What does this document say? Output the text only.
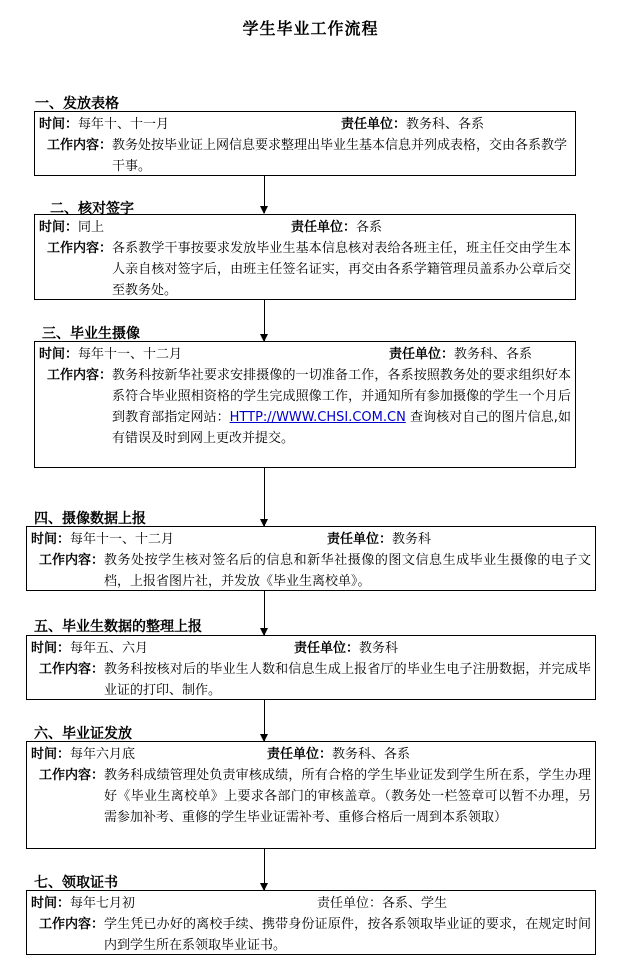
学生毕业工作流程
一、发放表格
时间：每年十、十一月	责任单位：教务科、各系
工作内容： 教务处按毕业证上网信息要求整理出毕业生基本信息并列成表格，交由各系教学干事。
二、核对签字
时间：同上	责任单位：各系
工作内容： 各系教学干事按要求发放毕业生基本信息核对表给各班主任，班主任交由学生本人亲自核对签字后，由班主任签名证实，再交由各系学籍管理员盖系办公章后交至教务处。
三、毕业生摄像
时间：每年十一、十二月	责任单位：教务科、各系
工作内容： 教务科按新华社要求安排摄像的一切准备工作，各系按照教务处的要求组织好本系符合毕业照相资格的学生完成照像工作，并通知所有参加摄像的学生一个月后到教育部指定网站：HTTP://WWW.CHSI.COM.CN 查询核对自己的图片信息,如有错误及时到网上更改并提交。
四、摄像数据上报
时间：每年十一、十二月	责任单位：教务科
工作内容： 教务处按学生核对签名后的信息和新华社摄像的图文信息生成毕业生摄像的电子文档，上报省图片社，并发放《毕业生离校单》。
五、毕业生数据的整理上报
时间：每年五、六月	责任单位：教务科
工作内容： 教务科按核对后的毕业生人数和信息生成上报省厅的毕业生电子注册数据，并完成毕业证的打印、制作。
六、毕业证发放
时间：每年六月底	责任单位：教务科、各系
工作内容： 教务科成绩管理处负责审核成绩，所有合格的学生毕业证发到学生所在系，学生办理好《毕业生离校单》上要求各部门的审核盖章。（教务处一栏签章可以暂不办理，另需参加补考、重修的学生毕业证需补考、重修合格后一周到本系领取）
七、领取证书
时间：每年七月初	责任单位：各系、学生
工作内容： 学生凭已办好的离校手续、携带身份证原件，按各系领取毕业证的要求，在规定时间内到学生所在系领取毕业证书。
